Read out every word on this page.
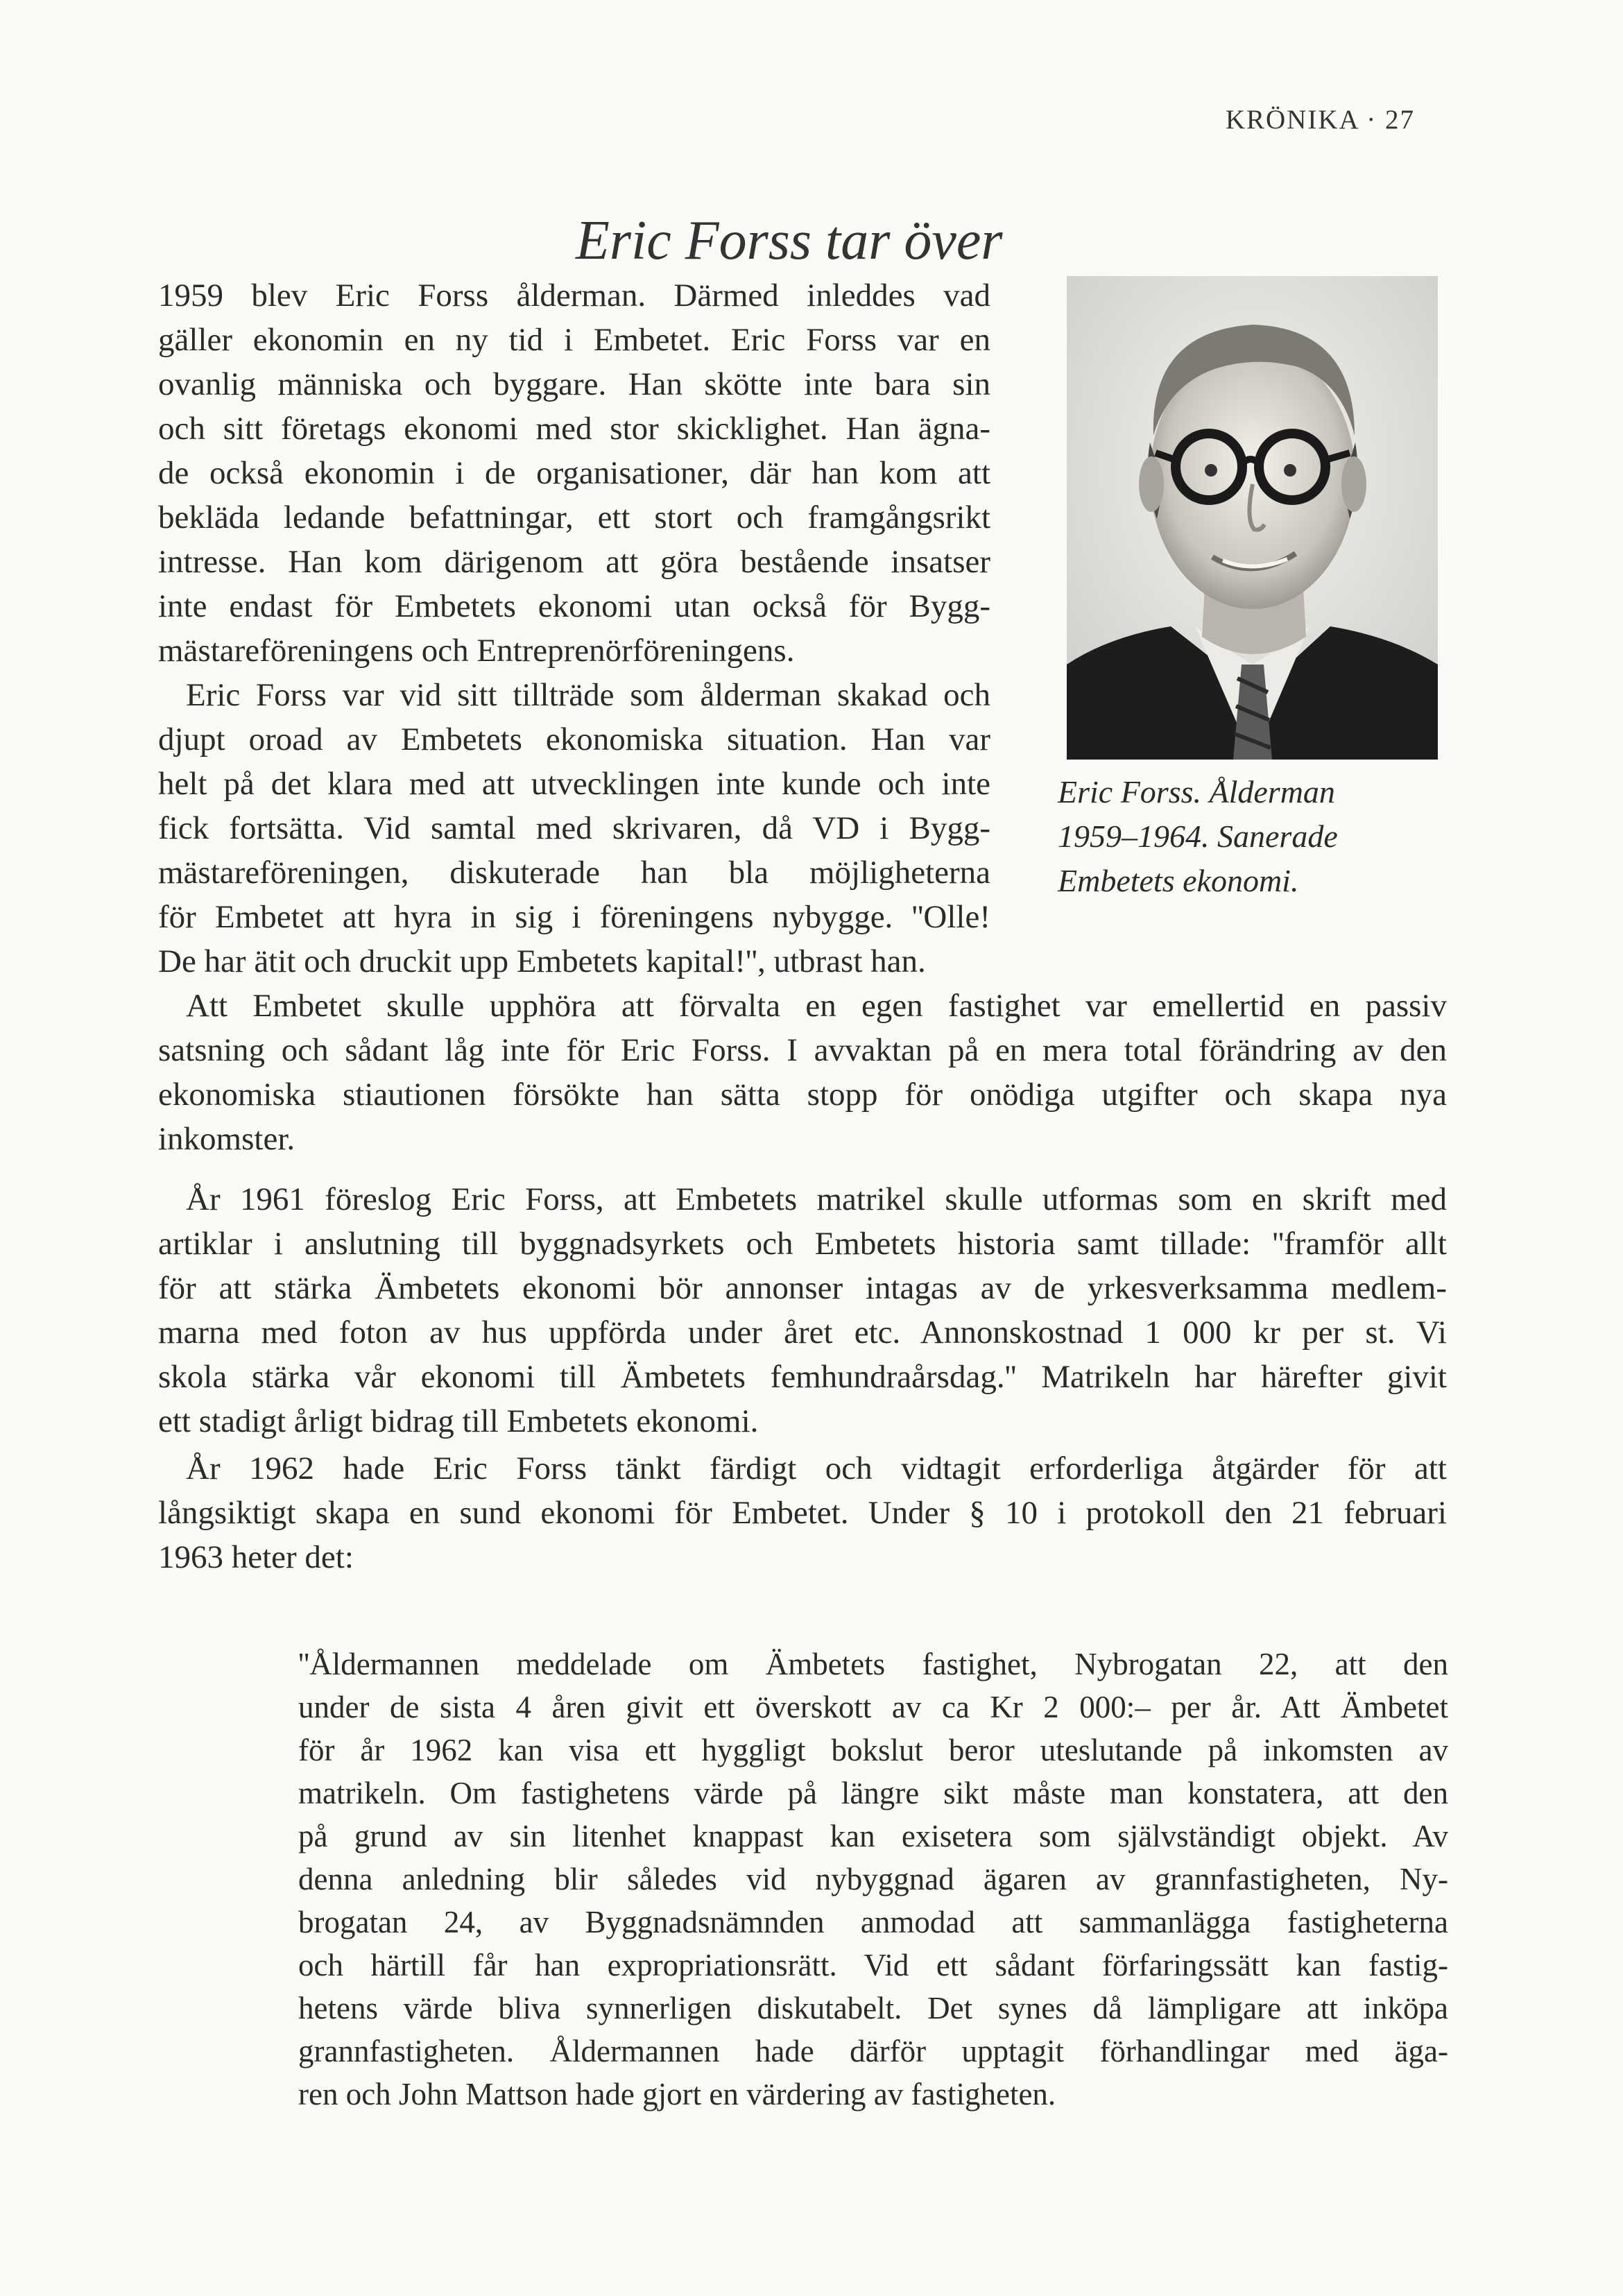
KRÖNIKA · 27
Eric Forss tar över

1959 blev Eric Forss ålderman. Därmed inleddes vad
gäller ekonomin en ny tid i Embetet. Eric Forss var en
ovanlig människa och byggare. Han skötte inte bara sin
och sitt företags ekonomi med stor skicklighet. Han ägna-
de också ekonomin i de organisationer, där han kom att
bekläda ledande befattningar, ett stort och framgångsrikt
intresse. Han kom därigenom att göra bestående insatser
inte endast för Embetets ekonomi utan också för Bygg-
mästareföreningens och Entreprenörföreningens.

Eric Forss var vid sitt tillträde som ålderman skakad och
djupt oroad av Embetets ekonomiska situation. Han var
helt på det klara med att utvecklingen inte kunde och inte
fick fortsätta. Vid samtal med skrivaren, då VD i Bygg-
mästareföreningen, diskuterade han bla möjligheterna
för Embetet att hyra in sig i föreningens nybygge. ''Olle!
De har ätit och druckit upp Embetets kapital!'', utbrast han.

Eric Forss. Ålderman
1959–1964. Sanerade
Embetets ekonomi.

Att Embetet skulle upphöra att förvalta en egen fastighet var emellertid en passiv
satsning och sådant låg inte för Eric Forss. I avvaktan på en mera total förändring av den
ekonomiska stiautionen försökte han sätta stopp för onödiga utgifter och skapa nya
inkomster.

År 1961 föreslog Eric Forss, att Embetets matrikel skulle utformas som en skrift med
artiklar i anslutning till byggnadsyrkets och Embetets historia samt tillade: ''framför allt
för att stärka Ämbetets ekonomi bör annonser intagas av de yrkesverksamma medlem-
marna med foton av hus uppförda under året etc. Annonskostnad 1 000 kr per st. Vi
skola stärka vår ekonomi till Ämbetets femhundraårsdag.'' Matrikeln har härefter givit
ett stadigt årligt bidrag till Embetets ekonomi.

År 1962 hade Eric Forss tänkt färdigt och vidtagit erforderliga åtgärder för att
långsiktigt skapa en sund ekonomi för Embetet. Under § 10 i protokoll den 21 februari
1963 heter det:

''Åldermannen meddelade om Ämbetets fastighet, Nybrogatan 22, att den
under de sista 4 åren givit ett överskott av ca Kr 2 000:– per år. Att Ämbetet
för år 1962 kan visa ett hyggligt bokslut beror uteslutande på inkomsten av
matrikeln. Om fastighetens värde på längre sikt måste man konstatera, att den
på grund av sin litenhet knappast kan exisetera som självständigt objekt. Av
denna anledning blir således vid nybyggnad ägaren av grannfastigheten, Ny-
brogatan 24, av Byggnadsnämnden anmodad att sammanlägga fastigheterna
och härtill får han expropriationsrätt. Vid ett sådant förfaringssätt kan fastig-
hetens värde bliva synnerligen diskutabelt. Det synes då lämpligare att inköpa
grannfastigheten. Åldermannen hade därför upptagit förhandlingar med äga-
ren och John Mattson hade gjort en värdering av fastigheten.
